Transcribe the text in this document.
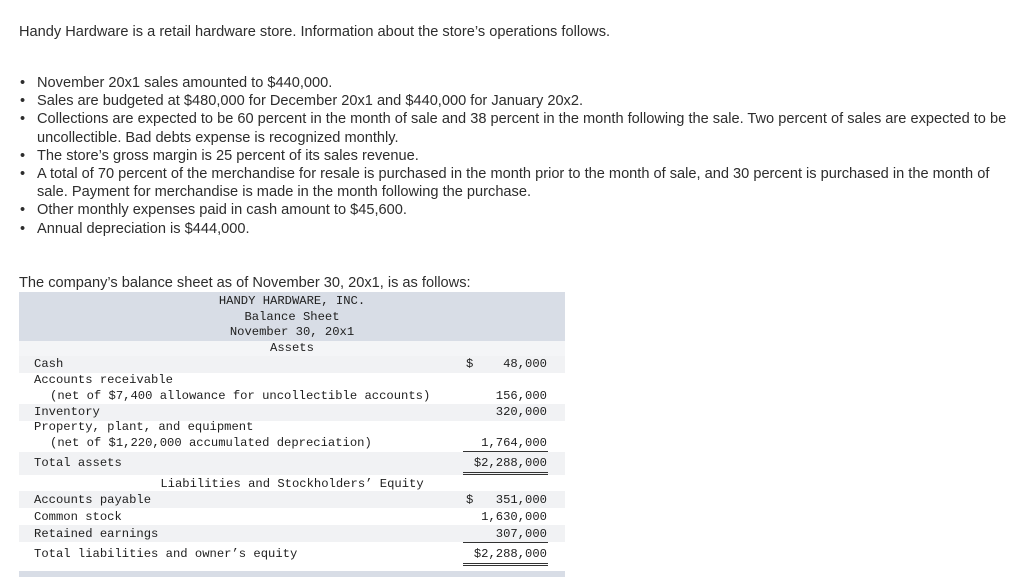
Handy Hardware is a retail hardware store. Information about the store’s operations follows.
• November 20x1 sales amounted to $440,000.
• Sales are budgeted at $480,000 for December 20x1 and $440,000 for January 20x2.
• Collections are expected to be 60 percent in the month of sale and 38 percent in the month following the sale. Two percent of sales are expected to be uncollectible. Bad debts expense is recognized monthly.
• The store’s gross margin is 25 percent of its sales revenue.
• A total of 70 percent of the merchandise for resale is purchased in the month prior to the month of sale, and 30 percent is purchased in the month of sale. Payment for merchandise is made in the month following the purchase.
• Other monthly expenses paid in cash amount to $45,600.
• Annual depreciation is $444,000.
The company’s balance sheet as of November 30, 20x1, is as follows:
HANDY HARDWARE, INC.
Balance Sheet
November 30, 20x1
Assets
Cash	$ 48,000
Accounts receivable
(net of $7,400 allowance for uncollectible accounts)	156,000
Inventory	320,000
Property, plant, and equipment
(net of $1,220,000 accumulated depreciation)	1,764,000
Total assets	$2,288,000
Liabilities and Stockholders’ Equity
Accounts payable	$ 351,000
Common stock	1,630,000
Retained earnings	307,000
Total liabilities and owner’s equity	$2,288,000
